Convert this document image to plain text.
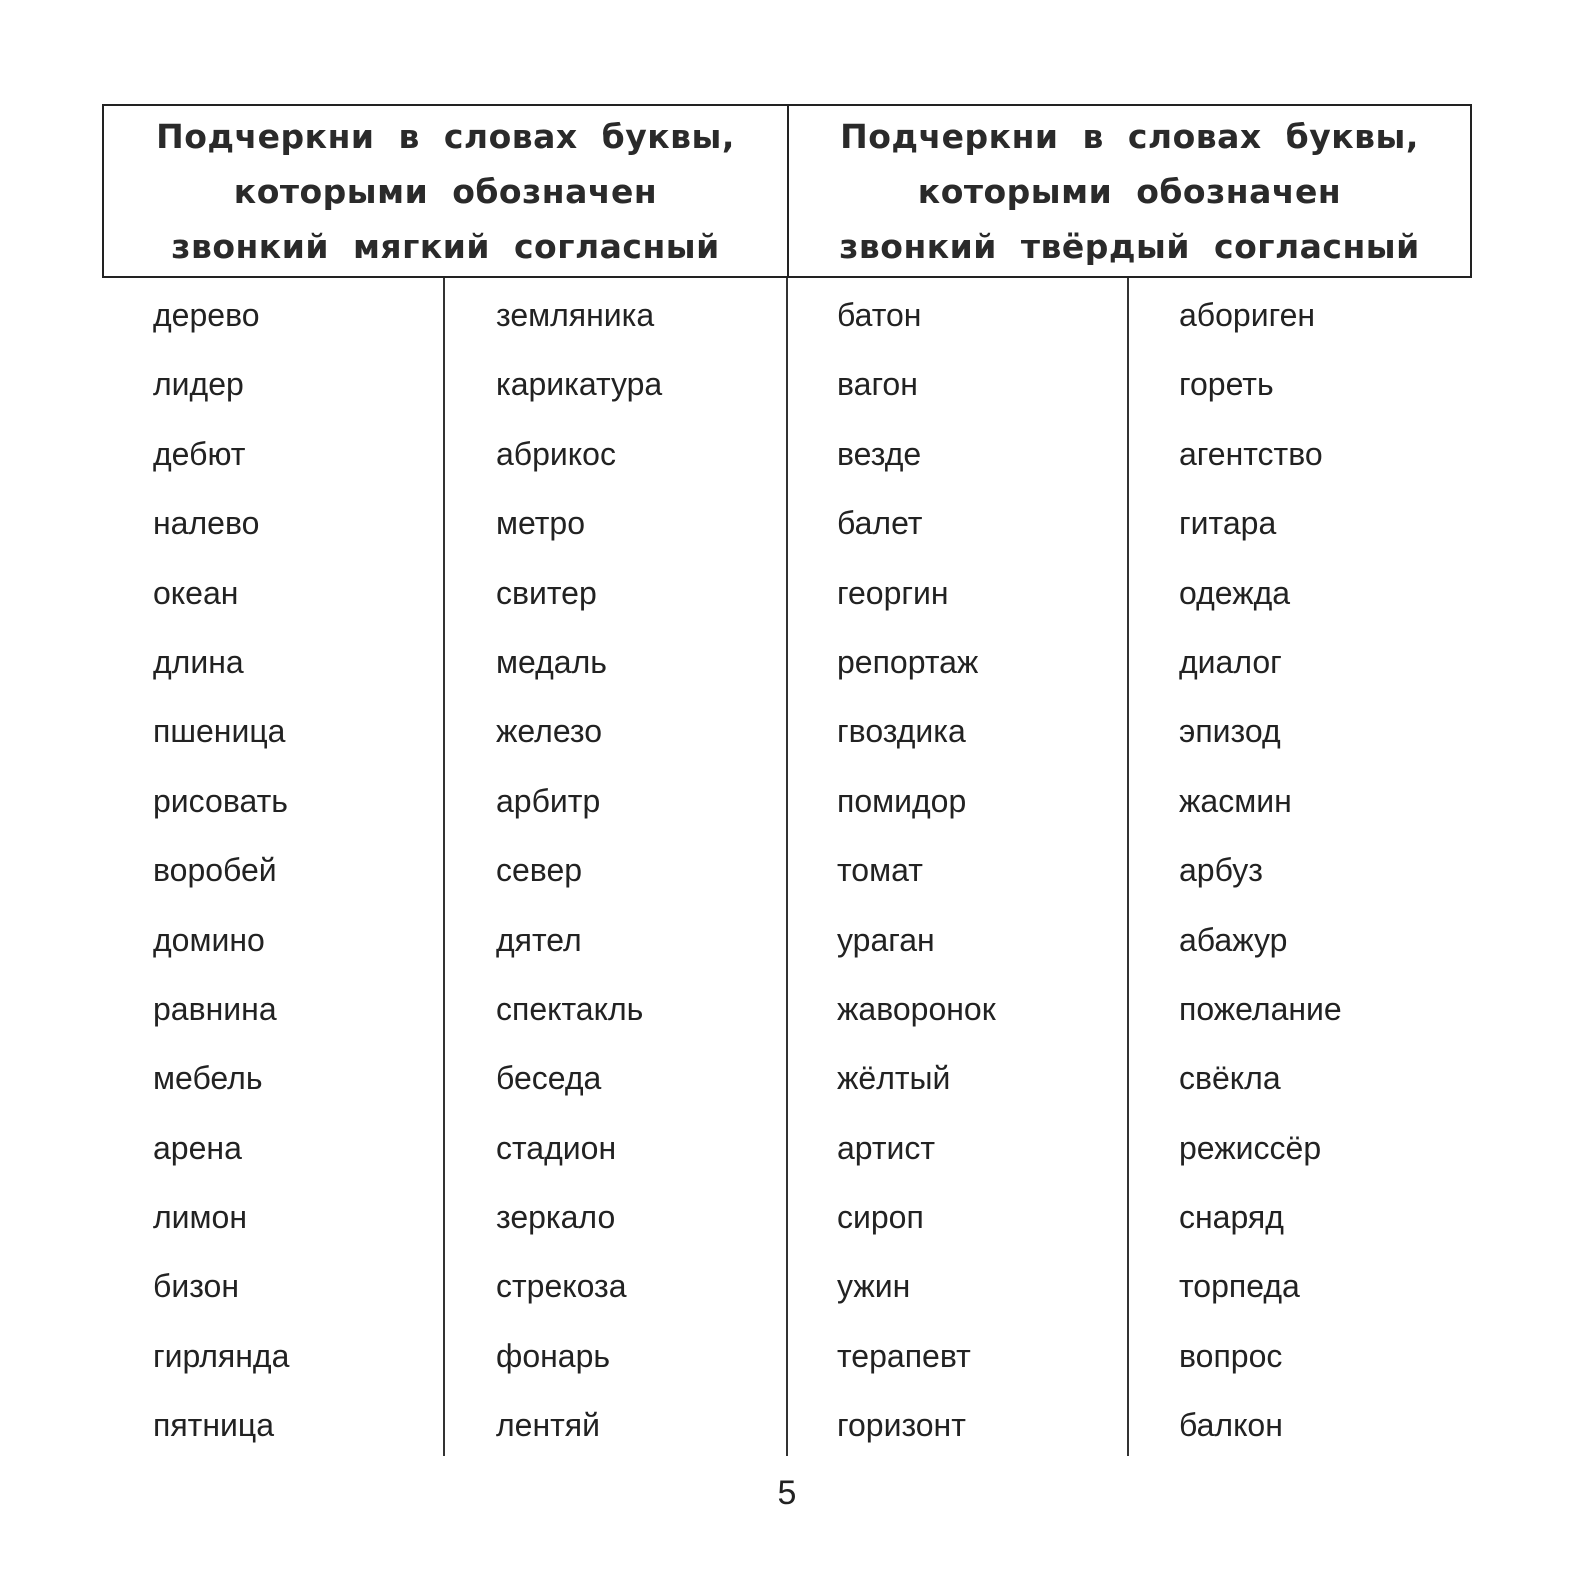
Подчеркни в словах буквы, которыми обозначен звонкий мягкий согласный

Подчеркни в словах буквы, которыми обозначен звонкий твёрдый согласный

дерево
лидер
дебют
налево
океан
длина
пшеница
рисовать
воробей
домино
равнина
мебель
арена
лимон
бизон
гирлянда
пятница
земляника
карикатура
абрикос
метро
свитер
медаль
железо
арбитр
север
дятел
спектакль
беседа
стадион
зеркало
стрекоза
фонарь
лентяй
батон
вагон
везде
балет
георгин
репортаж
гвоздика
помидор
томат
ураган
жаворонок
жёлтый
артист
сироп
ужин
терапевт
горизонт
абориген
гореть
агентство
гитара
одежда
диалог
эпизод
жасмин
арбуз
абажур
пожелание
свёкла
режиссёр
снаряд
торпеда
вопрос
балкон
5
